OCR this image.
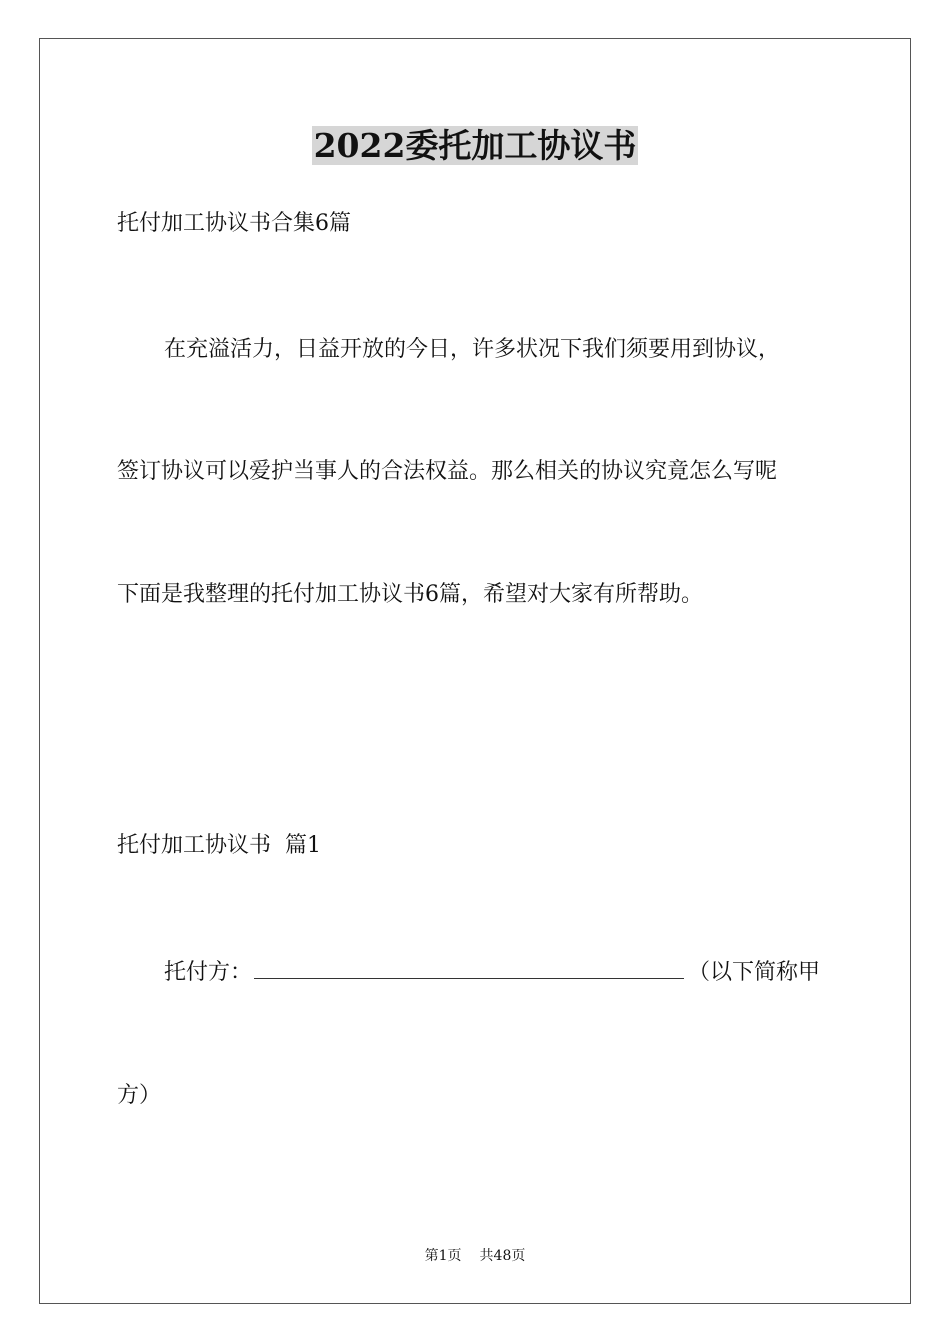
2022委托加工协议书
托付加工协议书合集6篇
在充溢活力，日益开放的今日，许多状况下我们须要用到协议，
签订协议可以爱护当事人的合法权益。那么相关的协议究竟怎么写呢
下面是我整理的托付加工协议书6篇，希望对大家有所帮助。
托付加工协议书  篇1
托付方：	（以下简称甲
方）
第1页 共48页
